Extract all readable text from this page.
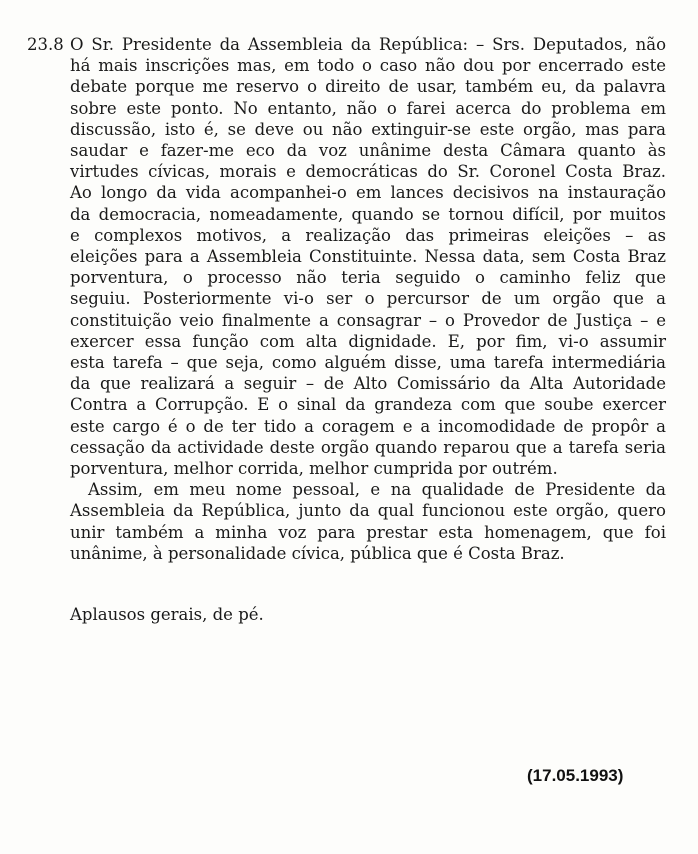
23.8 O Sr. Presidente da Assembleia da República: – Srs. Deputados, não
há mais inscrições mas, em todo o caso não dou por encerrado este
debate porque me reservo o direito de usar, também eu, da palavra
sobre este ponto. No entanto, não o farei acerca do problema em
discussão, isto é, se deve ou não extinguir-se este orgão, mas para
saudar e fazer-me eco da voz unânime desta Câmara quanto às
virtudes cívicas, morais e democráticas do Sr. Coronel Costa Braz.
Ao longo da vida acompanhei-o em lances decisivos na instauração
da democracia, nomeadamente, quando se tornou difícil, por muitos
e complexos motivos, a realização das primeiras eleições – as
eleições para a Assembleia Constituinte. Nessa data, sem Costa Braz
porventura, o processo não teria seguido o caminho feliz que
seguiu. Posteriormente vi-o ser o percursor de um orgão que a
constituição veio finalmente a consagrar – o Provedor de Justiça – e
exercer essa função com alta dignidade. E, por fim, vi-o assumir
esta tarefa – que seja, como alguém disse, uma tarefa intermediária
da que realizará a seguir – de Alto Comissário da Alta Autoridade
Contra a Corrupção. E o sinal da grandeza com que soube exercer
este cargo é o de ter tido a coragem e a incomodidade de propôr a
cessação da actividade deste orgão quando reparou que a tarefa seria
porventura, melhor corrida, melhor cumprida por outrém.
Assim, em meu nome pessoal, e na qualidade de Presidente da
Assembleia da República, junto da qual funcionou este orgão, quero
unir também a minha voz para prestar esta homenagem, que foi
unânime, à personalidade cívica, pública que é Costa Braz.
Aplausos gerais, de pé.
(17.05.1993)
